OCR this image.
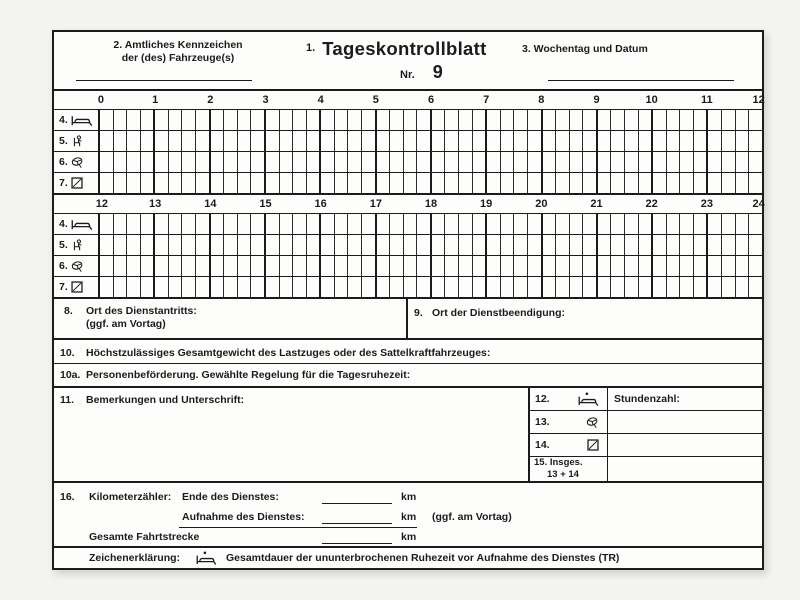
2. Amtliches Kennzeichen
der (des) Fahrzeuge(s)
$^{1.}$ Tageskontrollblatt
Nr. 9
3. Wochentag und Datum
8. Ort des Dienstantritts:
(ggf. am Vortag)
9. Ort der Dienstbeendigung:
10. Höchstzulässiges Gesamtgewicht des Lastzuges oder des Sattelkraftfahrzeuges:
10a. Personenbeförderung. Gewählte Regelung für die Tagesruhezeit:
11. Bemerkungen und Unterschrift:	12.	Stundenzahl:
13.
14.
15. Insges.
13 + 14
16. Kilometerzähler: Ende des Dienstes:	km
Aufnahme des Dienstes:	km (ggf. am Vortag)
Gesamte Fahrtstrecke	km
Zeichenerklärung:	Gesamtdauer der ununterbrochenen Ruhezeit vor Aufnahme des Dienstes (TR)
0	1	2	3	4	5	6	7	8	9	10	11	12
4.
5.
6.
7.
12	13	14	15	16	17	18	19	20	21	22	23	24
4.
5.
6.
7.
